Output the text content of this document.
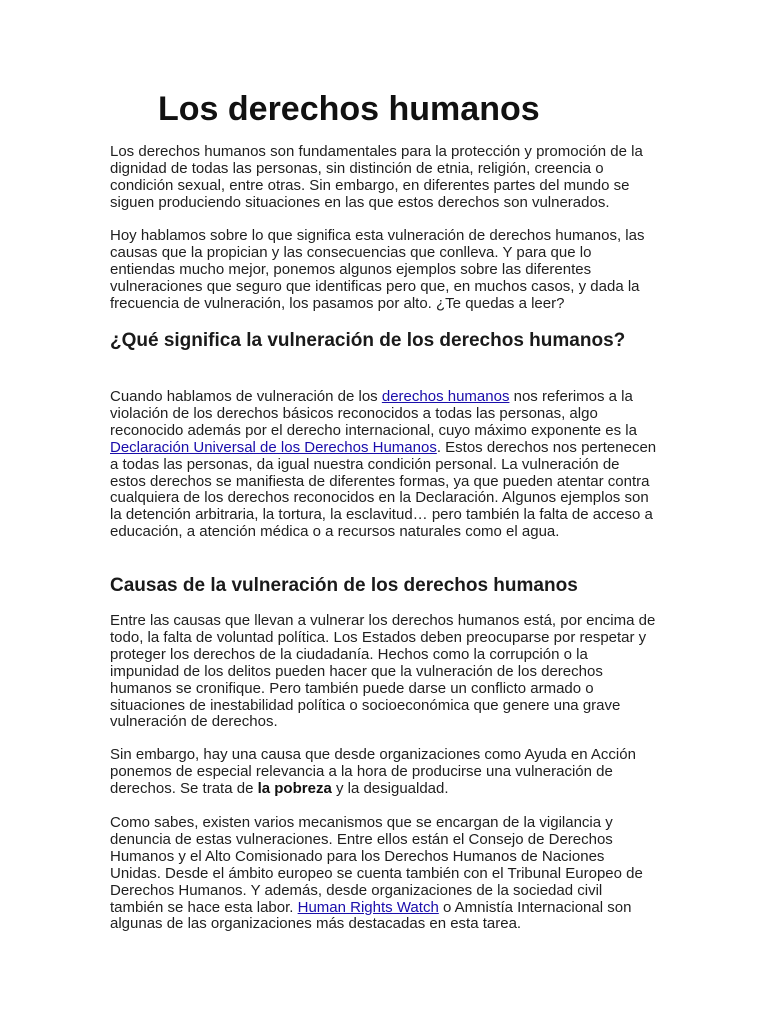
Los derechos humanos

Los derechos humanos son fundamentales para la protección y promoción de la dignidad de todas las personas, sin distinción de etnia, religión, creencia o condición sexual, entre otras. Sin embargo, en diferentes partes del mundo se siguen produciendo situaciones en las que estos derechos son vulnerados.

Hoy hablamos sobre lo que significa esta vulneración de derechos humanos, las causas que la propician y las consecuencias que conlleva. Y para que lo entiendas mucho mejor, ponemos algunos ejemplos sobre las diferentes vulneraciones que seguro que identificas pero que, en muchos casos, y dada la frecuencia de vulneración, los pasamos por alto. ¿Te quedas a leer?

¿Qué significa la vulneración de los derechos humanos?

Cuando hablamos de vulneración de los derechos humanos nos referimos a la violación de los derechos básicos reconocidos a todas las personas, algo reconocido además por el derecho internacional, cuyo máximo exponente es la Declaración Universal de los Derechos Humanos. Estos derechos nos pertenecen a todas las personas, da igual nuestra condición personal. La vulneración de estos derechos se manifiesta de diferentes formas, ya que pueden atentar contra cualquiera de los derechos reconocidos en la Declaración. Algunos ejemplos son la detención arbitraria, la tortura, la esclavitud… pero también la falta de acceso a educación, a atención médica o a recursos naturales como el agua.

Causas de la vulneración de los derechos humanos

Entre las causas que llevan a vulnerar los derechos humanos está, por encima de todo, la falta de voluntad política. Los Estados deben preocuparse por respetar y proteger los derechos de la ciudadanía. Hechos como la corrupción o la impunidad de los delitos pueden hacer que la vulneración de los derechos humanos se cronifique. Pero también puede darse un conflicto armado o situaciones de inestabilidad política o socioeconómica que genere una grave vulneración de derechos.

Sin embargo, hay una causa que desde organizaciones como Ayuda en Acción ponemos de especial relevancia a la hora de producirse una vulneración de derechos. Se trata de la pobreza y la desigualdad.

Como sabes, existen varios mecanismos que se encargan de la vigilancia y denuncia de estas vulneraciones. Entre ellos están el Consejo de Derechos Humanos y el Alto Comisionado para los Derechos Humanos de Naciones Unidas. Desde el ámbito europeo se cuenta también con el Tribunal Europeo de Derechos Humanos. Y además, desde organizaciones de la sociedad civil también se hace esta labor. Human Rights Watch o Amnistía Internacional son algunas de las organizaciones más destacadas en esta tarea.
